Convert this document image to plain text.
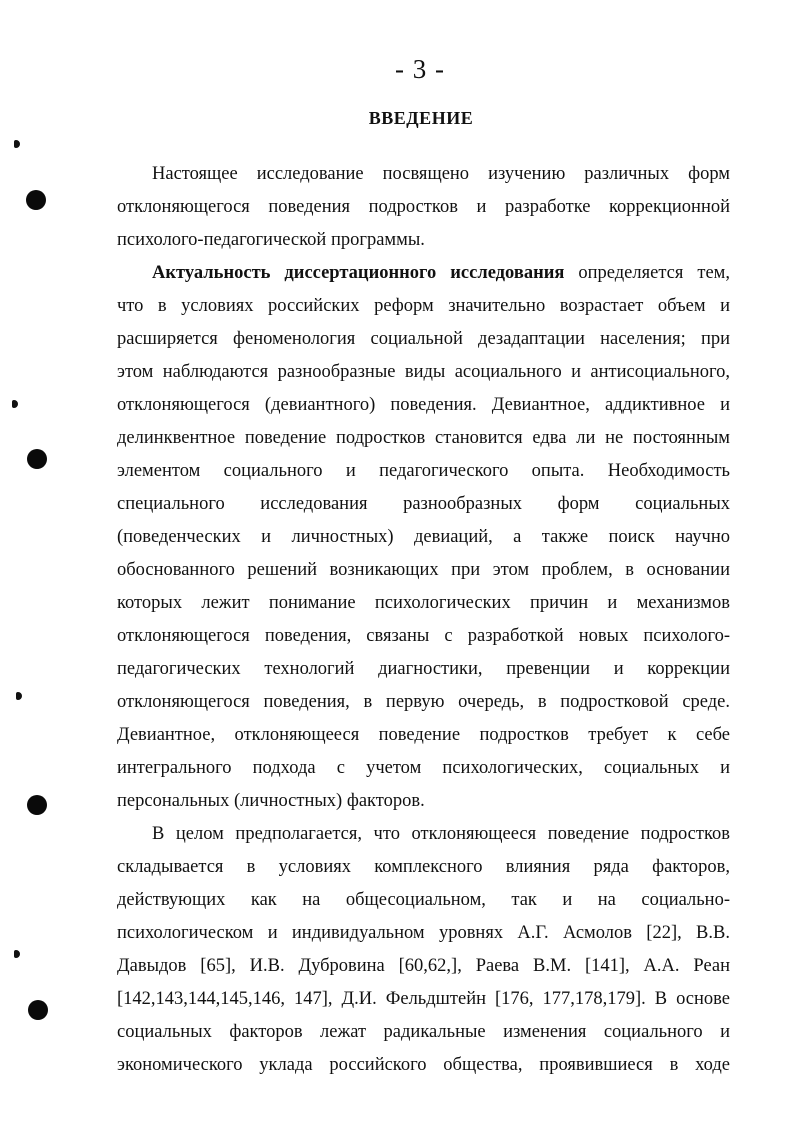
- 3 -
ВВЕДЕНИЕ
Настоящее исследование посвящено изучению различных форм
отклоняющегося поведения подростков и разработке коррекционной
психолого-педагогической программы.
Актуальность диссертационного исследования определяется тем,
что в условиях российских реформ значительно возрастает объем и
расширяется феноменология социальной дезадаптации населения; при
этом наблюдаются разнообразные виды асоциального и антисоциального,
отклоняющегося (девиантного) поведения. Девиантное, аддиктивное и
делинквентное поведение подростков становится едва ли не постоянным
элементом социального и педагогического опыта. Необходимость
специального исследования разнообразных форм социальных
(поведенческих и личностных) девиаций, а также поиск научно
обоснованного решений возникающих при этом проблем, в основании
которых лежит понимание психологических причин и механизмов
отклоняющегося поведения, связаны с разработкой новых психолого-
педагогических технологий диагностики, превенции и коррекции
отклоняющегося поведения, в первую очередь, в подростковой среде.
Девиантное, отклоняющееся поведение подростков требует к себе
интегрального подхода с учетом психологических, социальных и
персональных (личностных) факторов.
В целом предполагается, что отклоняющееся поведение подростков
складывается в условиях комплексного влияния ряда факторов,
действующих как на общесоциальном, так и на социально-
психологическом и индивидуальном уровнях А.Г. Асмолов [22], В.В.
Давыдов [65], И.В. Дубровина [60,62,], Раева В.М. [141], А.А. Реан
[142,143,144,145,146, 147], Д.И. Фельдштейн [176, 177,178,179]. В основе
социальных факторов лежат радикальные изменения социального и
экономического уклада российского общества, проявившиеся в ходе
